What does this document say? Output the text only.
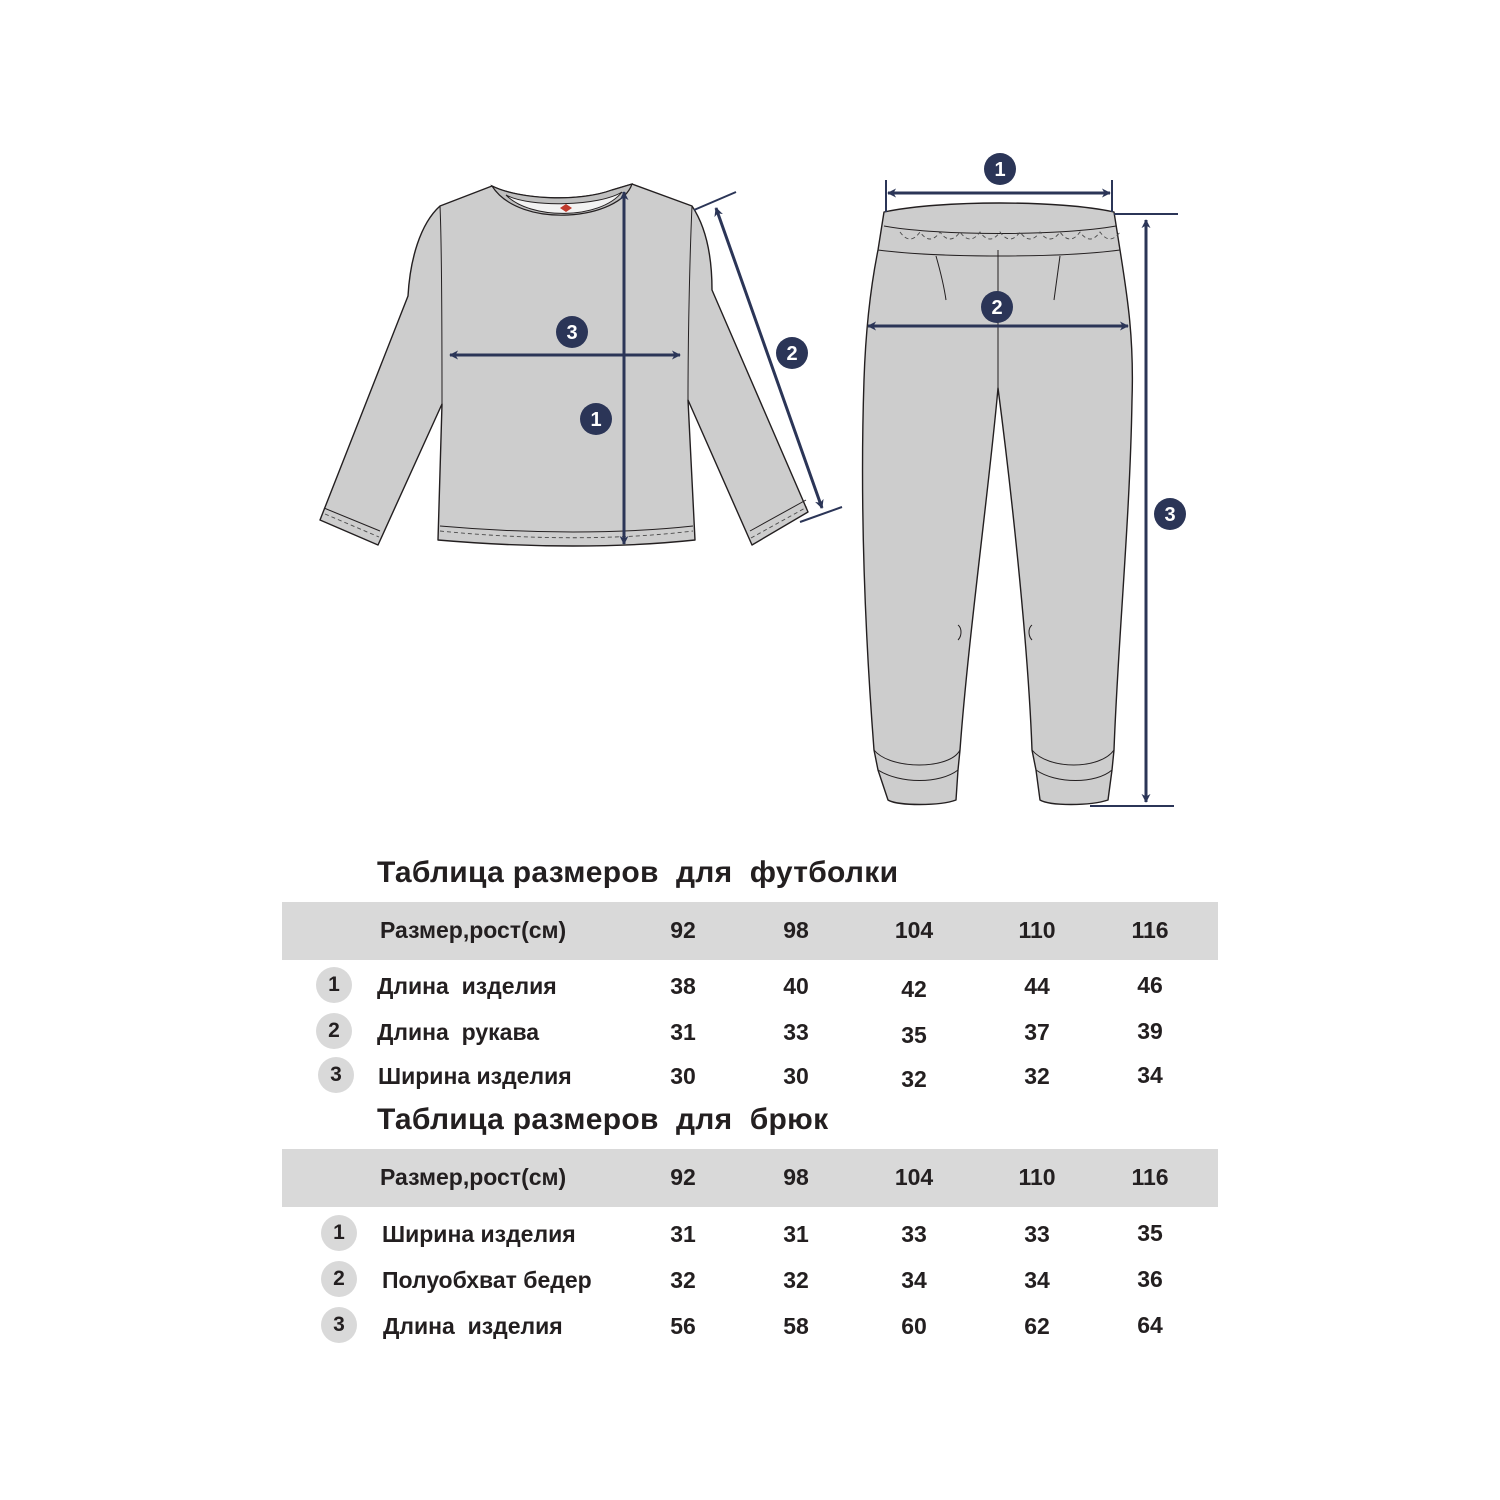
3
1
2
1
2
3
Таблица размеров  для  футболки
Размер,рост(см)	92	98	104	110	116
1	Длина  изделия	38	40	42	44	46
2	Длина  рукава	31	33	35	37	39
3	Ширина изделия	30	30	32	32	34
Таблица размеров  для  брюк
Размер,рост(см)	92	98	104	110	116
1	Ширина изделия	31	31	33	33	35
2	Полуобхват бедер	32	32	34	34	36
3	Длина  изделия	56	58	60	62	64
